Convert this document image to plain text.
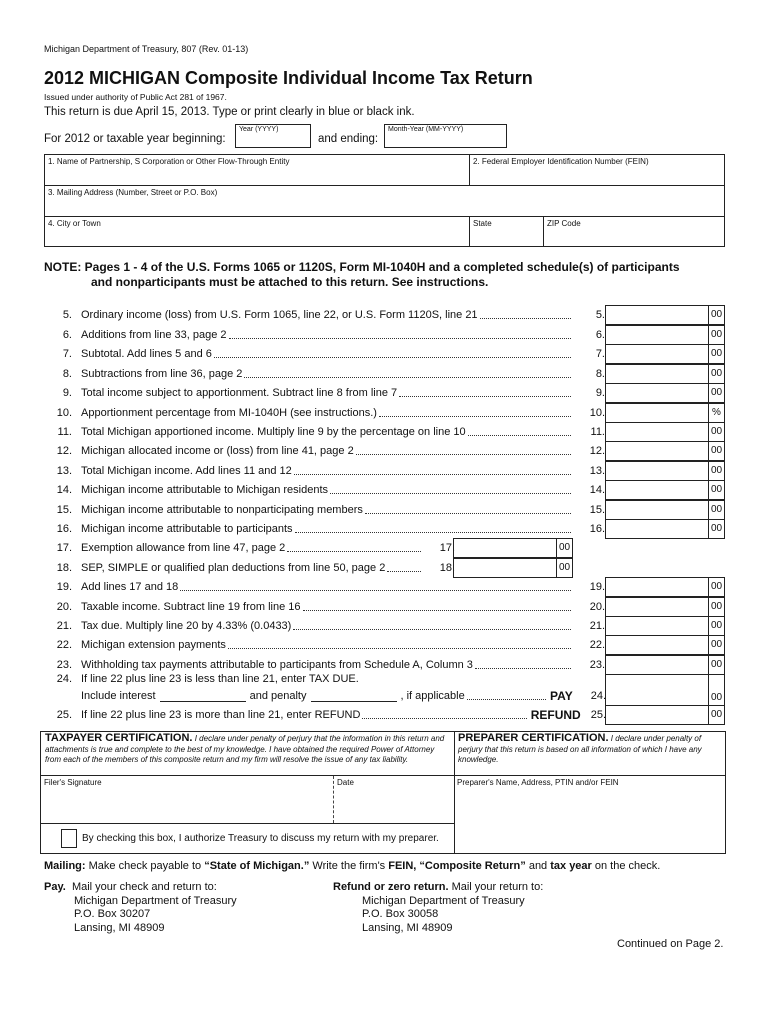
Michigan Department of Treasury, 807 (Rev. 01-13)
2012 MICHIGAN Composite Individual Income Tax Return
Issued under authority of Public Act 281 of 1967.
This return is due April 15, 2013. Type or print clearly in blue or black ink.
For 2012 or taxable year beginning:
Year (YYYY)
and ending:
Month-Year (MM-YYYY)
1. Name of Partnership, S Corporation or Other Flow-Through Entity	2. Federal Employer Identification Number (FEIN)
3. Mailing Address (Number, Street or P.O. Box)
4. City or Town	State	ZIP Code
NOTE: Pages 1 - 4 of the U.S. Forms 1065 or 1120S, Form MI-1040H and a completed schedule(s) of participants
and nonparticipants must be attached to this return. See instructions.
5. Ordinary income (loss) from U.S. Form 1065, line 22, or U.S. Form 1120S, line 21	5.	00
6. Additions from line 33, page 2	6.	00
7. Subtotal. Add lines 5 and 6	7.	00
8. Subtractions from line 36, page 2	8.	00
9. Total income subject to apportionment. Subtract line 8 from line 7	9.	00
10. Apportionment percentage from MI-1040H (see instructions.)	10.	%
11. Total Michigan apportioned income. Multiply line 9 by the percentage on line 10	11.	00
12. Michigan allocated income or (loss) from line 41, page 2	12.	00
13. Total Michigan income. Add lines 11 and 12	13.	00
14. Michigan income attributable to Michigan residents	14.	00
15. Michigan income attributable to nonparticipating members	15.	00
16. Michigan income attributable to participants	16.	00
17. Exemption allowance from line 47, page 2	17.	00
18. SEP, SIMPLE or qualified plan deductions from line 50, page 2	18.	00
19. Add lines 17 and 18	19.	00
20. Taxable income. Subtract line 19 from line 16	20.	00
21. Tax due. Multiply line 20 by 4.33% (0.0433)	21.	00
22. Michigan extension payments	22.	00
23. Withholding tax payments attributable to participants from Schedule A, Column 3	23.	00
24. If line 22 plus line 23 is less than line 21, enter TAX DUE.
Include interest	and penalty	, if applicable	PAY	24.	00
25. If line 22 plus line 23 is more than line 21, enter REFUND	REFUND 25.	00
TAXPAYER CERTIFICATION. I declare under penalty of perjury that the information in this return and attachments is true and complete to the best of my knowledge. I have obtained the required Power of Attorney from each of the members of this composite return and my firm will resolve the issue of any tax liability.
PREPARER CERTIFICATION. I declare under penalty of perjury that this return is based on all information of which I have any knowledge.
Filer's Signature	Date	Preparer's Name, Address, PTIN and/or FEIN
By checking this box, I authorize Treasury to discuss my return with my preparer.
Mailing: Make check payable to “State of Michigan.” Write the firm's FEIN, “Composite Return” and tax year on the check.
Pay. Mail your check and return to:
Michigan Department of Treasury
P.O. Box 30207
Lansing, MI 48909
Refund or zero return. Mail your return to:
Michigan Department of Treasury
P.O. Box 30058
Lansing, MI 48909
Continued on Page 2.
